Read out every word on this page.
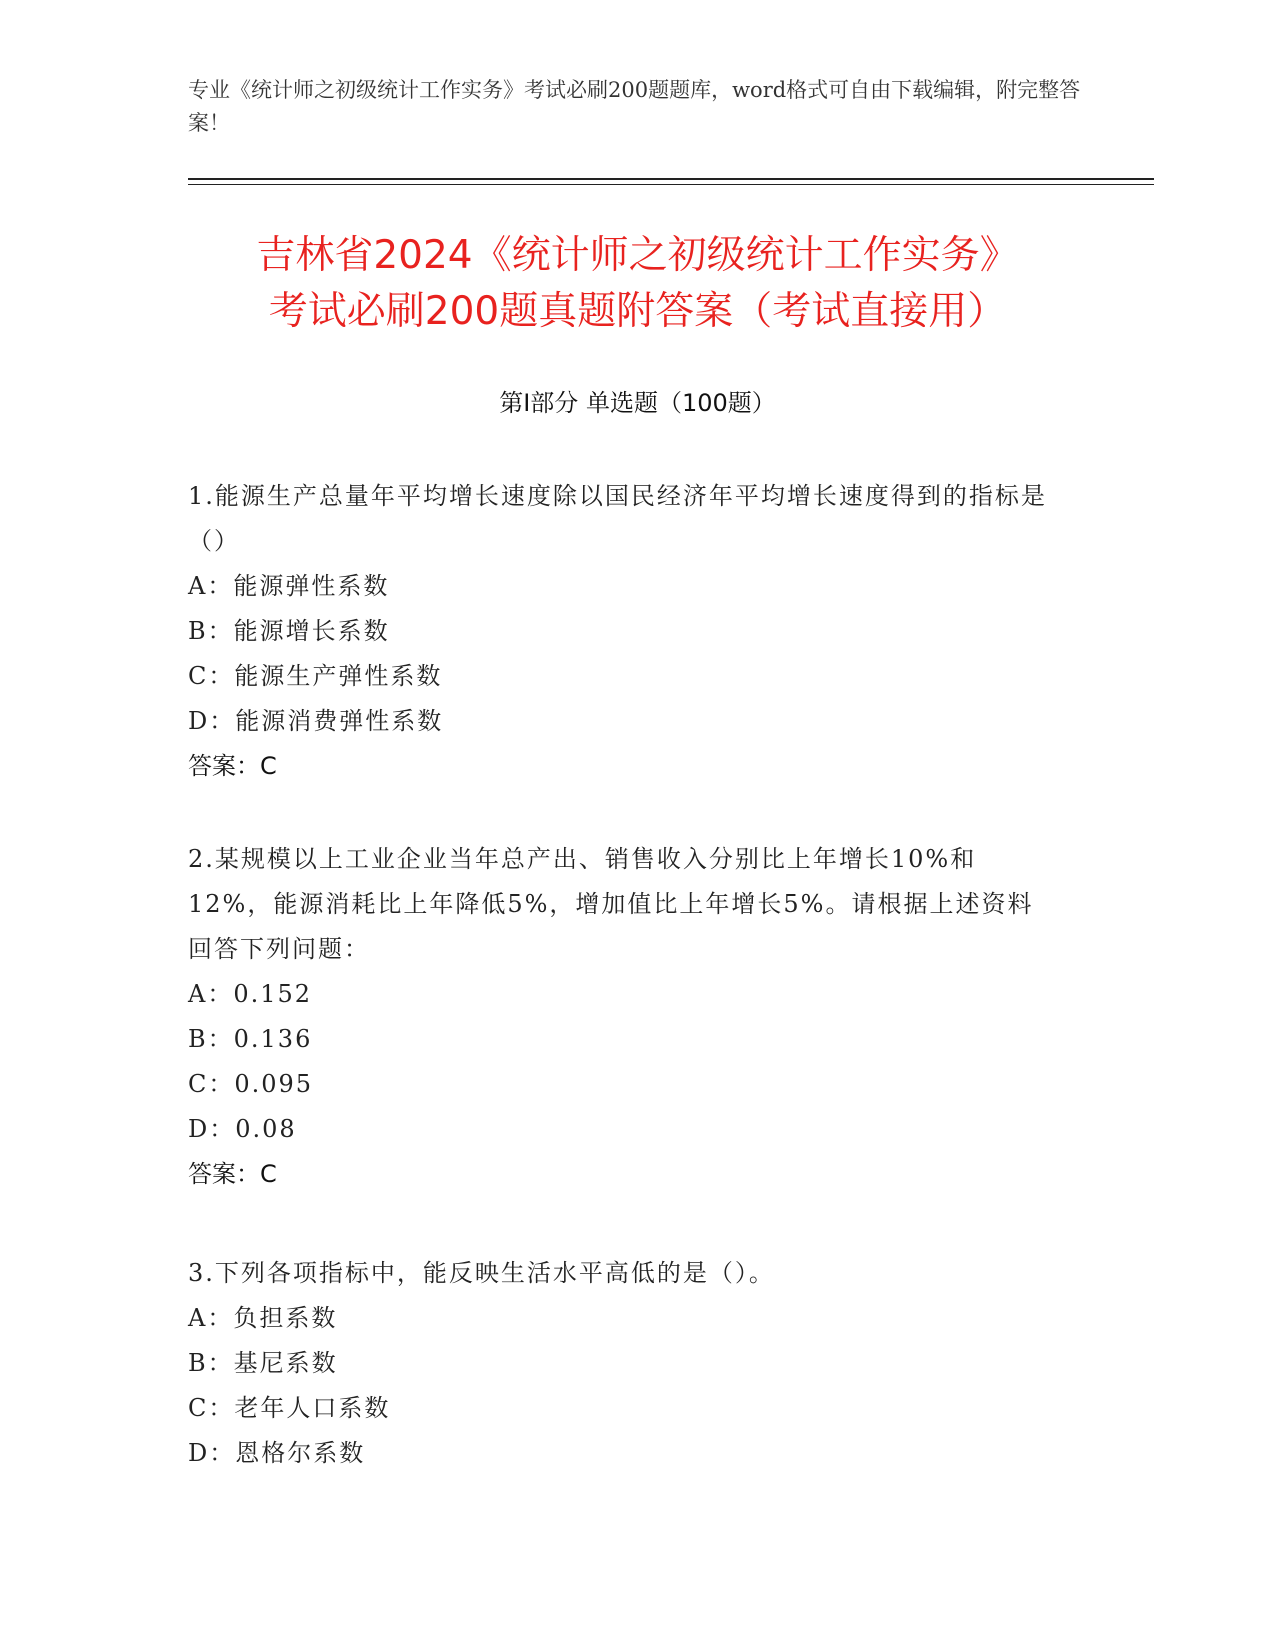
专业《统计师之初级统计工作实务》考试必刷200题题库，word格式可自由下载编辑，附完整答案！
吉林省2024《统计师之初级统计工作实务》
考试必刷200题真题附答案（考试直接用）
第Ⅰ部分 单选题（100题）
1.能源生产总量年平均增长速度除以国民经济年平均增长速度得到的指标是（）
A：能源弹性系数
B：能源增长系数
C：能源生产弹性系数
D：能源消费弹性系数
答案：C
2.某规模以上工业企业当年总产出、销售收入分别比上年增长10%和12%，能源消耗比上年降低5%，增加值比上年增长5%。请根据上述资料回答下列问题：
A：0.152
B：0.136
C：0.095
D：0.08
答案：C
3.下列各项指标中，能反映生活水平高低的是（）。
A：负担系数
B：基尼系数
C：老年人口系数
D：恩格尔系数
